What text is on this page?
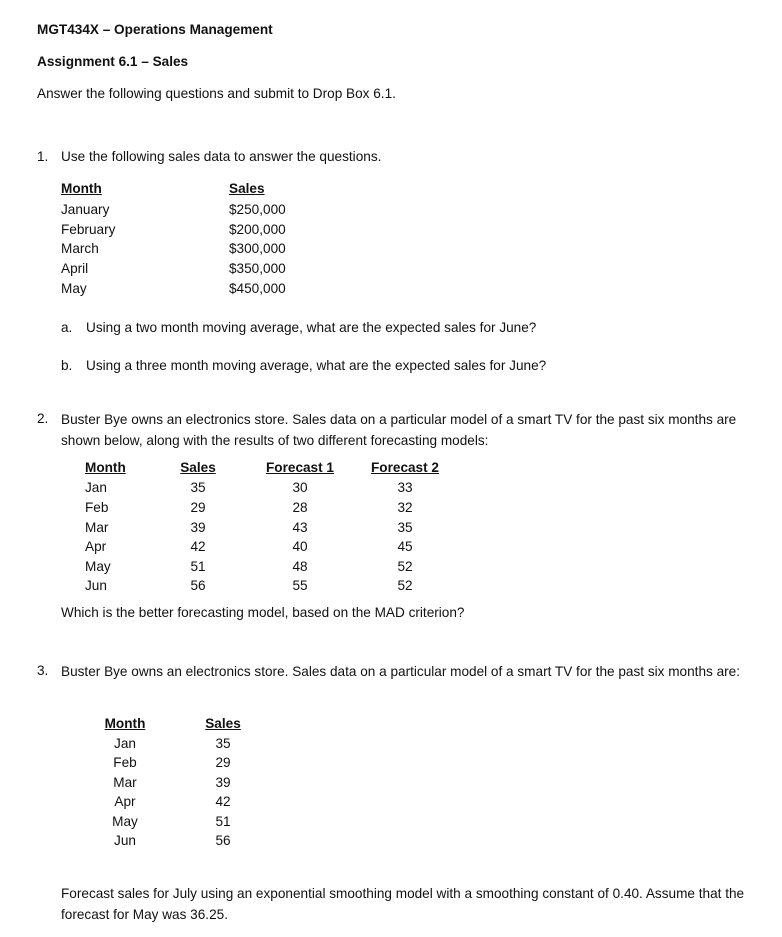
MGT434X – Operations Management
Assignment 6.1 – Sales
Answer the following questions and submit to Drop Box 6.1.
1. Use the following sales data to answer the questions.
Month	Sales
January	$250,000
February	$200,000
March	$300,000
April	$350,000
May	$450,000
a. Using a two month moving average, what are the expected sales for June?
b. Using a three month moving average, what are the expected sales for June?
2. Buster Bye owns an electronics store. Sales data on a particular model of a smart TV for the past six months are shown below, along with the results of two different forecasting models:
Month	Sales	Forecast 1	Forecast 2
Jan	35	30	33
Feb	29	28	32
Mar	39	43	35
Apr	42	40	45
May	51	48	52
Jun	56	55	52
Which is the better forecasting model, based on the MAD criterion?
3. Buster Bye owns an electronics store. Sales data on a particular model of a smart TV for the past six months are:
Month	Sales
Jan	35
Feb	29
Mar	39
Apr	42
May	51
Jun	56
Forecast sales for July using an exponential smoothing model with a smoothing constant of 0.40. Assume that the forecast for May was 36.25.
